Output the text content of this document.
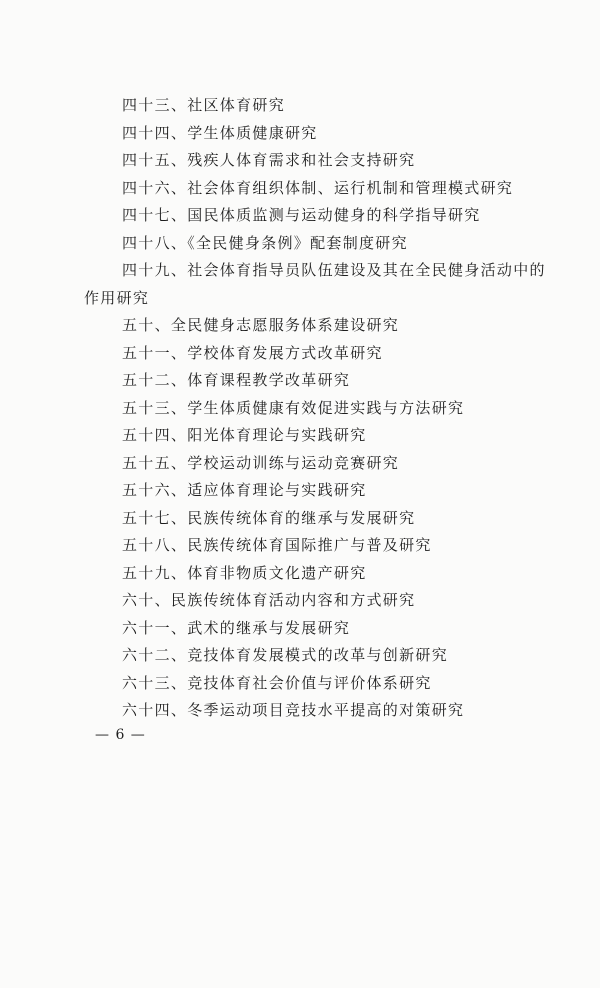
四十三、社区体育研究
四十四、学生体质健康研究
四十五、残疾人体育需求和社会支持研究
四十六、社会体育组织体制、运行机制和管理模式研究
四十七、国民体质监测与运动健身的科学指导研究
四十八、《全民健身条例》配套制度研究
四十九、社会体育指导员队伍建设及其在全民健身活动中的
作用研究
五十、全民健身志愿服务体系建设研究
五十一、学校体育发展方式改革研究
五十二、体育课程教学改革研究
五十三、学生体质健康有效促进实践与方法研究
五十四、阳光体育理论与实践研究
五十五、学校运动训练与运动竞赛研究
五十六、适应体育理论与实践研究
五十七、民族传统体育的继承与发展研究
五十八、民族传统体育国际推广与普及研究
五十九、体育非物质文化遗产研究
六十、民族传统体育活动内容和方式研究
六十一、武术的继承与发展研究
六十二、竞技体育发展模式的改革与创新研究
六十三、竞技体育社会价值与评价体系研究
六十四、冬季运动项目竞技水平提高的对策研究
— 6 —
